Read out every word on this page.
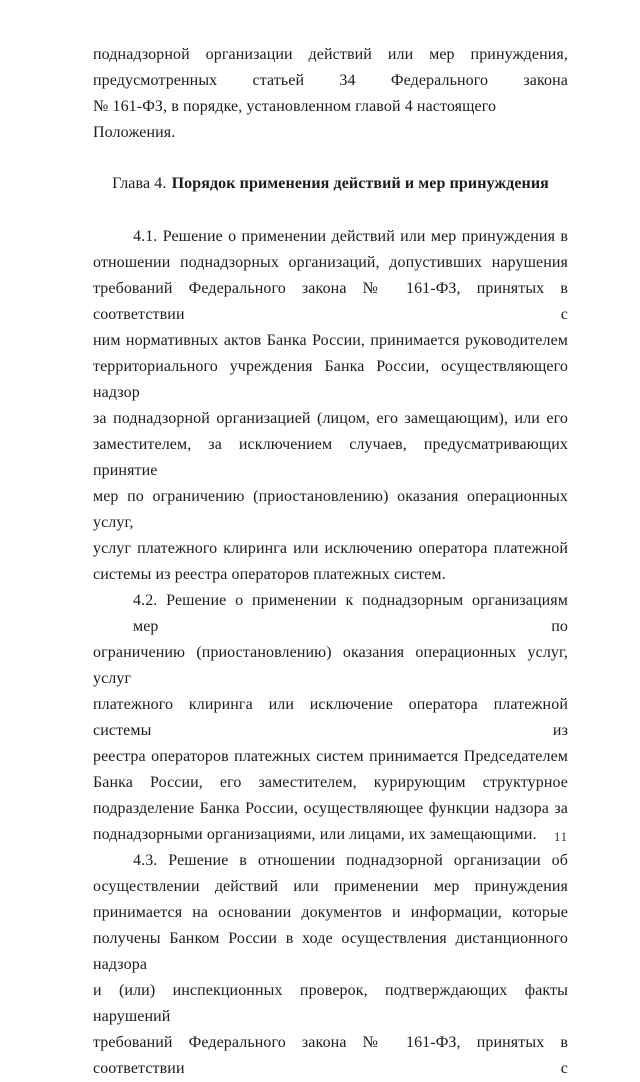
поднадзорной организации действий или мер принуждения,
предусмотренных статьей 34 Федерального закона
№ 161-ФЗ, в порядке, установленном главой 4 настоящего Положения.
Глава 4. Порядок применения действий и мер принуждения
4.1. Решение о применении действий или мер принуждения в
отношении поднадзорных организаций, допустивших нарушения
требований Федерального закона № 161-ФЗ, принятых в соответствии с
ним нормативных актов Банка России, принимается руководителем
территориального учреждения Банка России, осуществляющего надзор
за поднадзорной организацией (лицом, его замещающим), или его
заместителем, за исключением случаев, предусматривающих принятие
мер по ограничению (приостановлению) оказания операционных услуг,
услуг платежного клиринга или исключению оператора платежной
системы из реестра операторов платежных систем.
4.2. Решение о применении к поднадзорным организациям мер по
ограничению (приостановлению) оказания операционных услуг, услуг
платежного клиринга или исключение оператора платежной системы из
реестра операторов платежных систем принимается Председателем
Банка России, его заместителем, курирующим структурное
подразделение Банка России, осуществляющее функции надзора за
поднадзорными организациями, или лицами, их замещающими.
4.3. Решение в отношении поднадзорной организации об
осуществлении действий или применении мер принуждения
принимается на основании документов и информации, которые
получены Банком России в ходе осуществления дистанционного надзора
и (или) инспекционных проверок, подтверждающих факты нарушений
требований Федерального закона № 161-ФЗ, принятых в соответствии с
11
